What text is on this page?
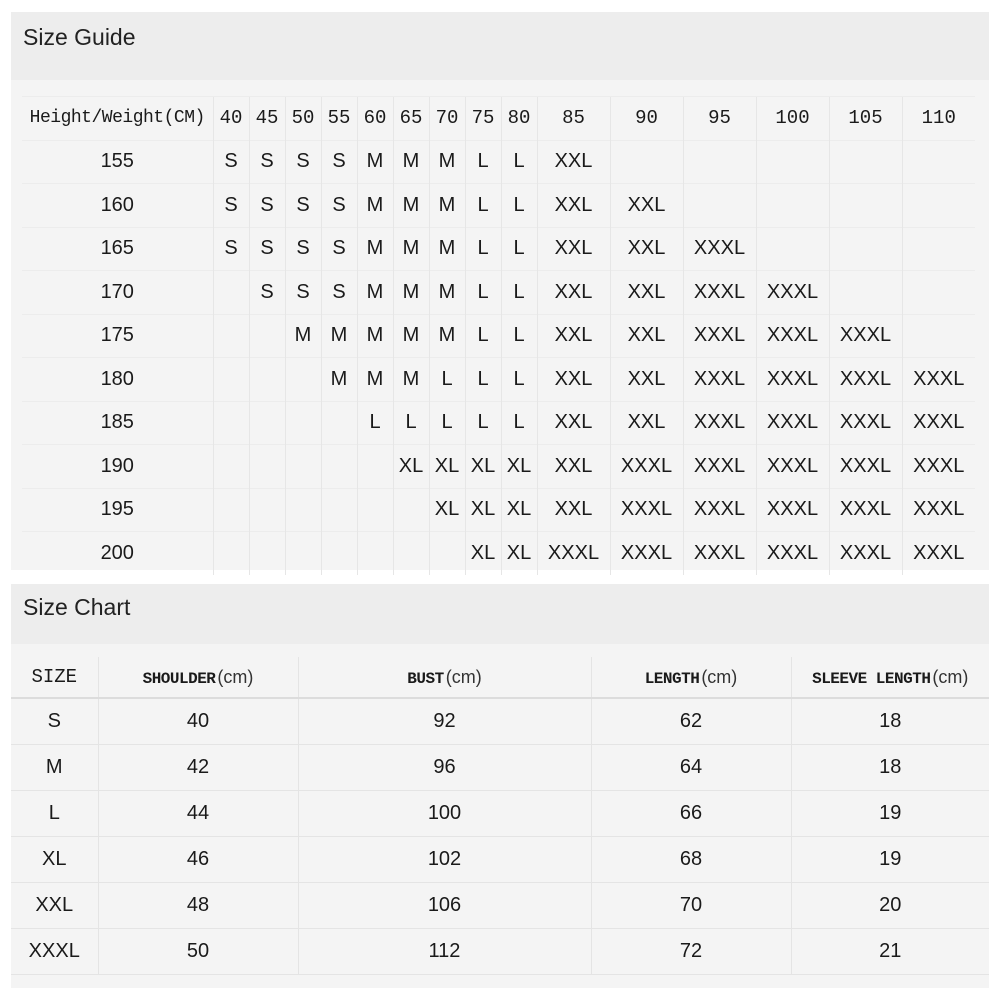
Size Guide
Height/Weight(CM)	40	45	50	55	60	65	70	75	80	85	90	95	100	105	110
155	S	S	S	S	M	M	M	L	L	XXL					
160	S	S	S	S	M	M	M	L	L	XXL	XXL				
165	S	S	S	S	M	M	M	L	L	XXL	XXL	XXXL			
170		S	S	S	M	M	M	L	L	XXL	XXL	XXXL	XXXL		
175			M	M	M	M	M	L	L	XXL	XXL	XXXL	XXXL	XXXL	
180				M	M	M	L	L	L	XXL	XXL	XXXL	XXXL	XXXL	XXXL
185					L	L	L	L	L	XXL	XXL	XXXL	XXXL	XXXL	XXXL
190						XL	XL	XL	XL	XXL	XXXL	XXXL	XXXL	XXXL	XXXL
195							XL	XL	XL	XXL	XXXL	XXXL	XXXL	XXXL	XXXL
200								XL	XL	XXXL	XXXL	XXXL	XXXL	XXXL	XXXL
Size Chart
SIZE	SHOULDER (cm)	BUST (cm)	LENGTH (cm)	SLEEVE LENGTH (cm)
S	40	92	62	18
M	42	96	64	18
L	44	100	66	19
XL	46	102	68	19
XXL	48	106	70	20
XXXL	50	112	72	21
